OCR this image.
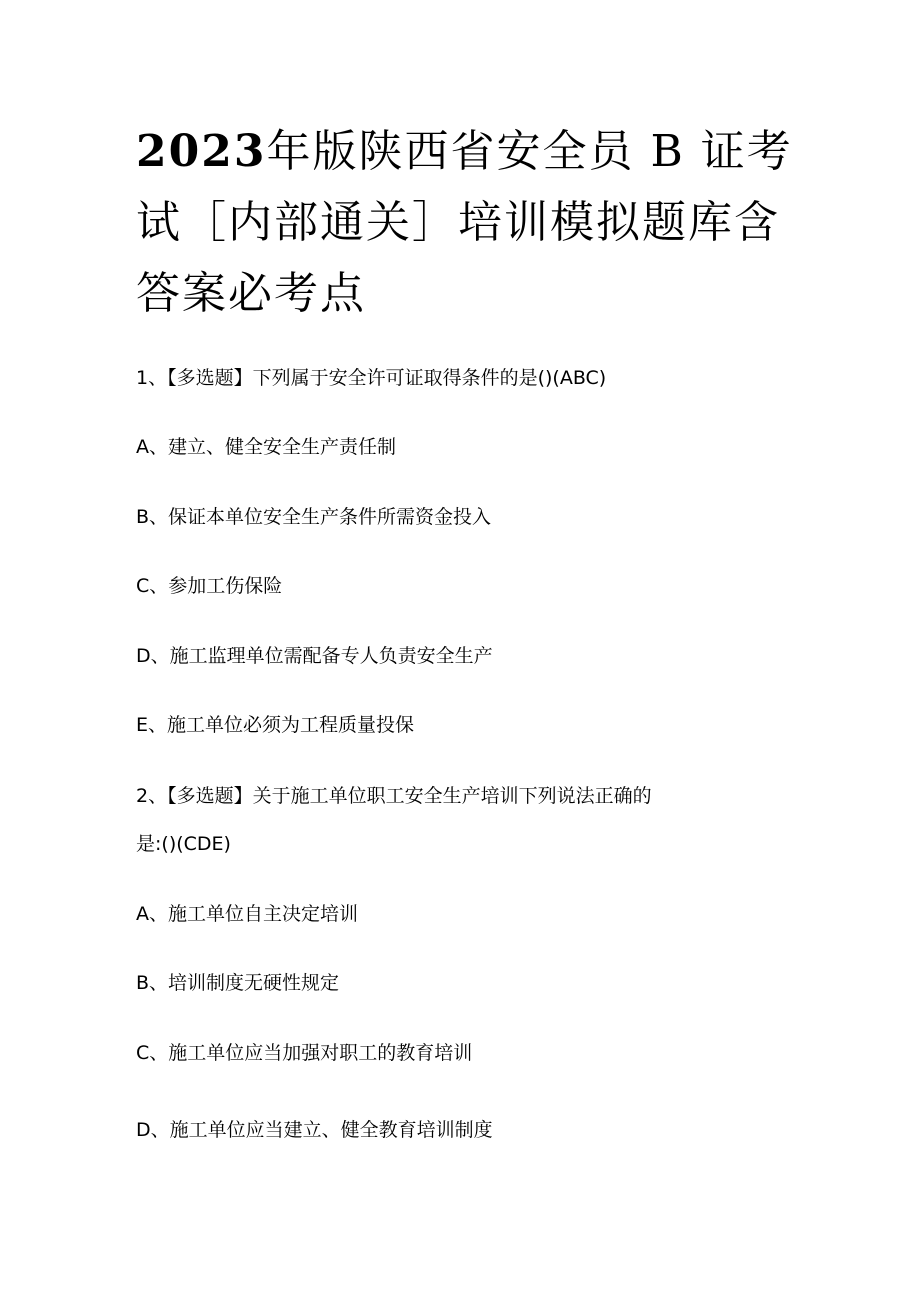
2023年版陕西省安全员 B 证考试［内部通关］培训模拟题库含答案必考点
1、【多选题】下列属于安全许可证取得条件的是()(ABC)
A、建立、健全安全生产责任制
B、保证本单位安全生产条件所需资金投入
C、参加工伤保险
D、施工监理单位需配备专人负责安全生产
E、施工单位必须为工程质量投保
2、【多选题】关于施工单位职工安全生产培训下列说法正确的
是:()(CDE)
A、施工单位自主决定培训
B、培训制度无硬性规定
C、施工单位应当加强对职工的教育培训
D、施工单位应当建立、健全教育培训制度
